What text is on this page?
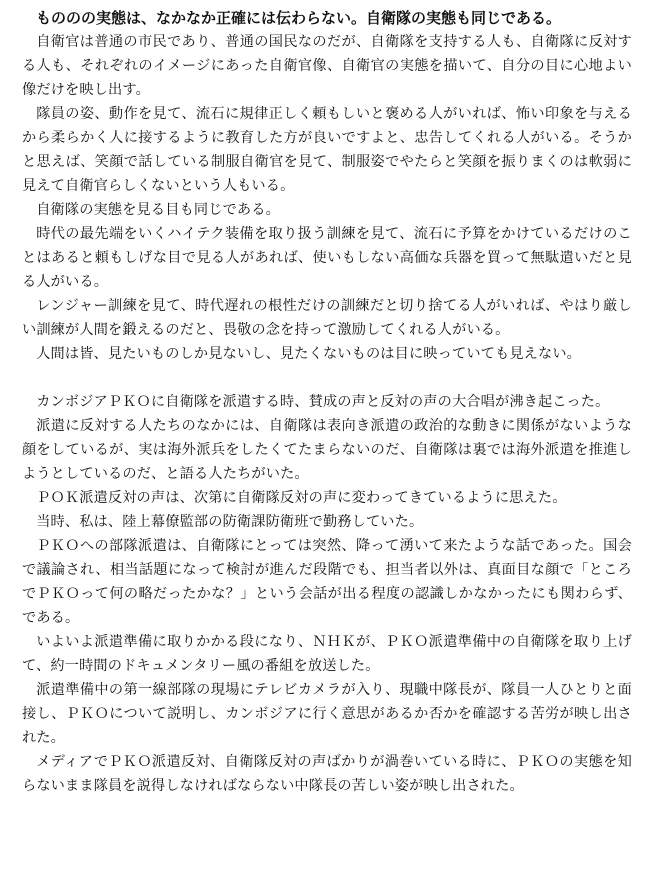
もののの実態は、なかなか正確には伝わらない。自衛隊の実態も同じである。

自衛官は普通の市民であり、普通の国民なのだが、自衛隊を支持する人も、自衛隊に反対する人も、それぞれのイメージにあった自衛官像、自衛官の実態を描いて、自分の目に心地よい像だけを映し出す。

隊員の姿、動作を見て、流石に規律正しく頼もしいと褒める人がいれば、怖い印象を与えるから柔らかく人に接するように教育した方が良いですよと、忠告してくれる人がいる。そうかと思えば、笑顔で話している制服自衛官を見て、制服姿でやたらと笑顔を振りまくのは軟弱に見えて自衛官らしくないという人もいる。

自衛隊の実態を見る目も同じである。

時代の最先端をいくハイテク装備を取り扱う訓練を見て、流石に予算をかけているだけのことはあると頼もしげな目で見る人があれば、使いもしない高価な兵器を買って無駄遣いだと見る人がいる。

レンジャー訓練を見て、時代遅れの根性だけの訓練だと切り捨てる人がいれば、やはり厳しい訓練が人間を鍛えるのだと、畏敬の念を持って激励してくれる人がいる。

人間は皆、見たいものしか見ないし、見たくないものは目に映っていても見えない。

カンボジアＰＫＯに自衛隊を派遣する時、賛成の声と反対の声の大合唱が沸き起こった。

派遣に反対する人たちのなかには、自衛隊は表向き派遣の政治的な動きに関係がないような顔をしているが、実は海外派兵をしたくてたまらないのだ、自衛隊は裏では海外派遣を推進しようとしているのだ、と語る人たちがいた。

ＰＯＫ派遣反対の声は、次第に自衛隊反対の声に変わってきているように思えた。

当時、私は、陸上幕僚監部の防衛課防衛班で勤務していた。

ＰＫＯへの部隊派遣は、自衛隊にとっては突然、降って湧いて来たような話であった。国会で議論され、相当話題になって検討が進んだ段階でも、担当者以外は、真面目な顔で「ところでＰＫＯって何の略だったかな？」という会話が出る程度の認識しかなかったにも関わらず、である。

いよいよ派遣準備に取りかかる段になり、ＮＨＫが、ＰＫＯ派遣準備中の自衛隊を取り上げて、約一時間のドキュメンタリー風の番組を放送した。

派遣準備中の第一線部隊の現場にテレビカメラが入り、現職中隊長が、隊員一人ひとりと面接し、ＰＫＯについて説明し、カンボジアに行く意思があるか否かを確認する苦労が映し出された。

メディアでＰＫＯ派遣反対、自衛隊反対の声ばかりが渦巻いている時に、ＰＫＯの実態を知らないまま隊員を説得しなければならない中隊長の苦しい姿が映し出された。
